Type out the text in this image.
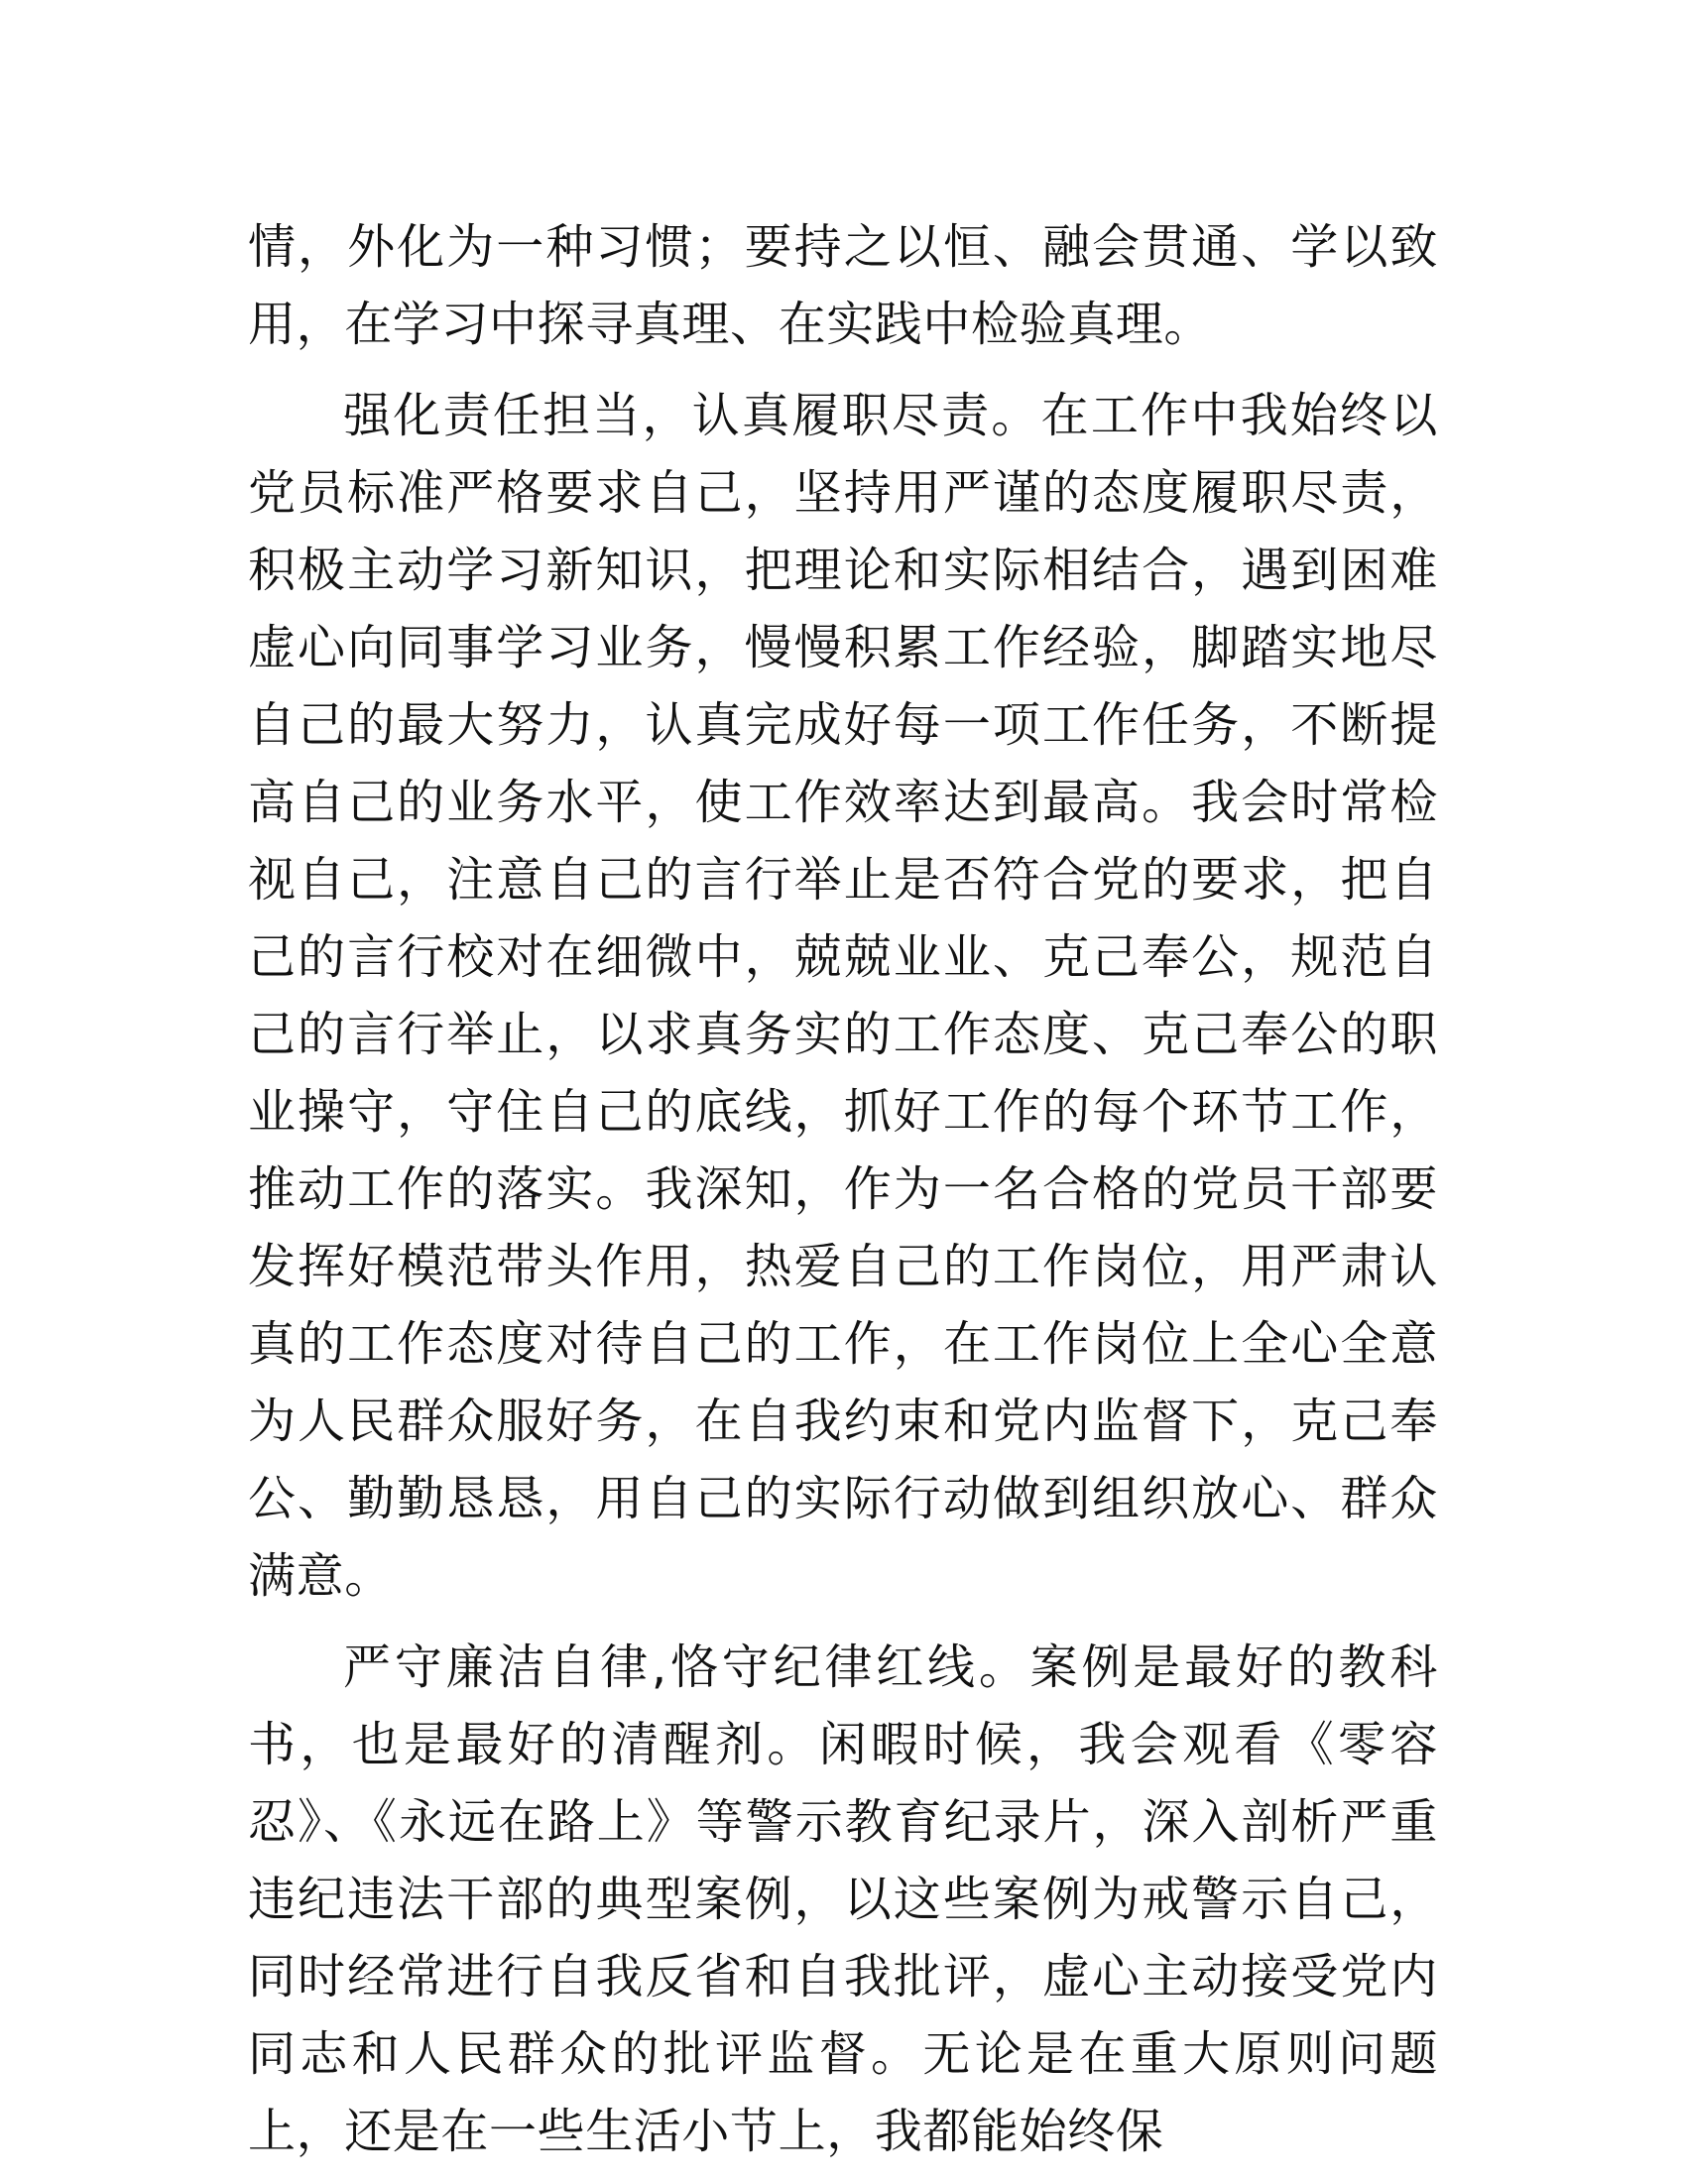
情，外化为一种习惯；要持之以恒、融会贯通、学以致用，在学习中探寻真理、在实践中检验真理。

强化责任担当，认真履职尽责。在工作中我始终以党员标准严格要求自己，坚持用严谨的态度履职尽责，积极主动学习新知识，把理论和实际相结合，遇到困难虚心向同事学习业务，慢慢积累工作经验，脚踏实地尽自己的最大努力，认真完成好每一项工作任务，不断提高自己的业务水平，使工作效率达到最高。我会时常检视自己，注意自己的言行举止是否符合党的要求，把自己的言行校对在细微中，兢兢业业、克己奉公，规范自己的言行举止，以求真务实的工作态度、克己奉公的职业操守，守住自己的底线，抓好工作的每个环节工作，推动工作的落实。我深知，作为一名合格的党员干部要发挥好模范带头作用，热爱自己的工作岗位，用严肃认真的工作态度对待自己的工作，在工作岗位上全心全意为人民群众服好务，在自我约束和党内监督下，克己奉公、勤勤恳恳，用自己的实际行动做到组织放心、群众满意。

严守廉洁自律,恪守纪律红线。案例是最好的教科书，也是最好的清醒剂。闲暇时候，我会观看《零容忍》、《永远在路上》等警示教育纪录片，深入剖析严重违纪违法干部的典型案例，以这些案例为戒警示自己，同时经常进行自我反省和自我批评，虚心主动接受党内同志和人民群众的批评监督。无论是在重大原则问题上，还是在一些生活小节上，我都能始终保
